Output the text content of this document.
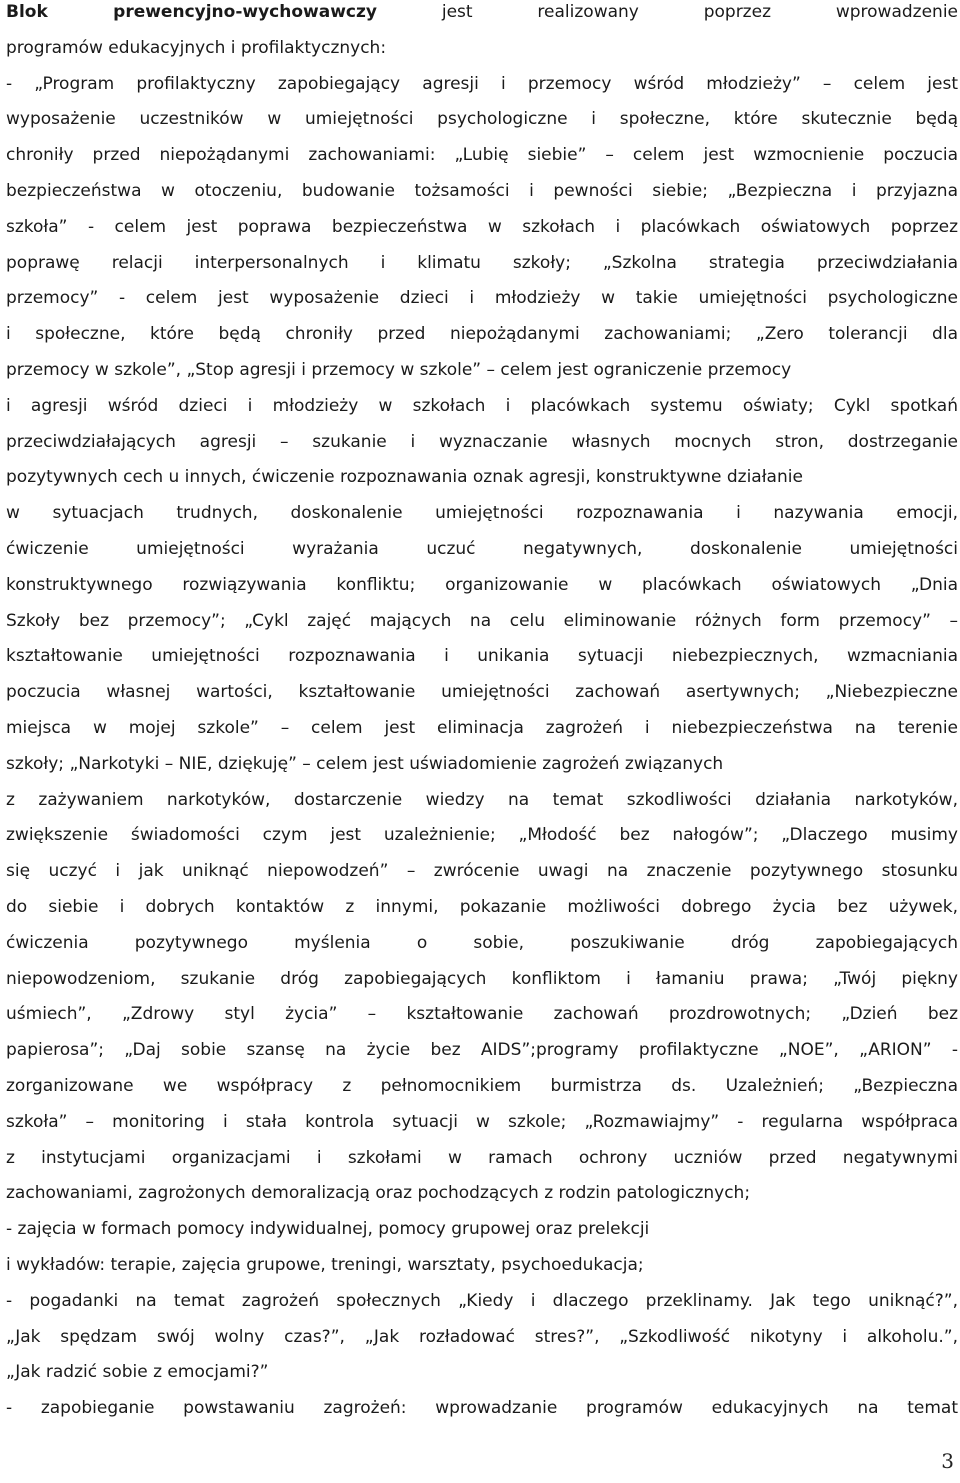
Blok prewencyjno-wychowawczy	jest realizowany poprzez wprowadzenie
programów edukacyjnych i profilaktycznych:
- „Program profilaktyczny zapobiegający agresji i przemocy wśród młodzieży” – celem jest
wyposażenie uczestników w umiejętności psychologiczne i społeczne, które skutecznie będą
chroniły przed niepożądanymi zachowaniami: „Lubię siebie” – celem jest wzmocnienie poczucia
bezpieczeństwa w otoczeniu, budowanie tożsamości i pewności siebie; „Bezpieczna i przyjazna
szkoła” - celem jest poprawa bezpieczeństwa w szkołach i placówkach oświatowych poprzez
poprawę relacji interpersonalnych i klimatu szkoły; „Szkolna strategia przeciwdziałania
przemocy” - celem jest wyposażenie dzieci i młodzieży w takie umiejętności psychologiczne
i społeczne, które będą chroniły przed niepożądanymi zachowaniami; „Zero tolerancji dla
przemocy w szkole”, „Stop agresji i przemocy w szkole” – celem jest ograniczenie przemocy
i agresji wśród dzieci i młodzieży w szkołach i placówkach systemu oświaty; Cykl spotkań
przeciwdziałających agresji – szukanie i wyznaczanie własnych mocnych stron, dostrzeganie
pozytywnych cech u innych, ćwiczenie rozpoznawania oznak agresji, konstruktywne działanie
w sytuacjach trudnych, doskonalenie umiejętności rozpoznawania i nazywania emocji,
ćwiczenie umiejętności wyrażania uczuć negatywnych, doskonalenie umiejętności
konstruktywnego rozwiązywania konfliktu; organizowanie w placówkach oświatowych „Dnia
Szkoły bez przemocy”; „Cykl zajęć mających na celu eliminowanie różnych form przemocy” –
kształtowanie umiejętności rozpoznawania i unikania sytuacji niebezpiecznych, wzmacniania
poczucia własnej wartości, kształtowanie umiejętności zachowań asertywnych; „Niebezpieczne
miejsca w mojej szkole” – celem jest eliminacja zagrożeń i niebezpieczeństwa na terenie
szkoły; „Narkotyki – NIE, dziękuję” – celem jest uświadomienie zagrożeń związanych
z zażywaniem narkotyków, dostarczenie wiedzy na temat szkodliwości działania narkotyków,
zwiększenie świadomości czym jest uzależnienie; „Młodość bez nałogów”; „Dlaczego musimy
się uczyć i jak uniknąć niepowodzeń” – zwrócenie uwagi na znaczenie pozytywnego stosunku
do siebie i dobrych kontaktów z innymi, pokazanie możliwości dobrego życia bez używek,
ćwiczenia pozytywnego myślenia o sobie, poszukiwanie dróg zapobiegających
niepowodzeniom, szukanie dróg zapobiegających konfliktom i łamaniu prawa; „Twój piękny
uśmiech”, „Zdrowy styl życia” – kształtowanie zachowań prozdrowotnych; „Dzień bez
papierosa”; „Daj sobie szansę na życie bez AIDS”;programy profilaktyczne „NOE”, „ARION” -
zorganizowane we współpracy z pełnomocnikiem burmistrza ds. Uzależnień; „Bezpieczna
szkoła” – monitoring i stała kontrola sytuacji w szkole; „Rozmawiajmy” - regularna współpraca
z instytucjami organizacjami i szkołami w ramach ochrony uczniów przed negatywnymi
zachowaniami, zagrożonych demoralizacją oraz pochodzących z rodzin patologicznych;
- zajęcia w formach pomocy indywidualnej, pomocy grupowej oraz prelekcji
i wykładów: terapie, zajęcia grupowe, treningi, warsztaty, psychoedukacja;
- pogadanki na temat zagrożeń społecznych „Kiedy i dlaczego przeklinamy. Jak tego uniknąć?”,
„Jak spędzam swój wolny czas?”, „Jak rozładować stres?”, „Szkodliwość nikotyny i alkoholu.”,
„Jak radzić sobie z emocjami?”
- zapobieganie powstawaniu zagrożeń: wprowadzanie programów edukacyjnych na temat
3
